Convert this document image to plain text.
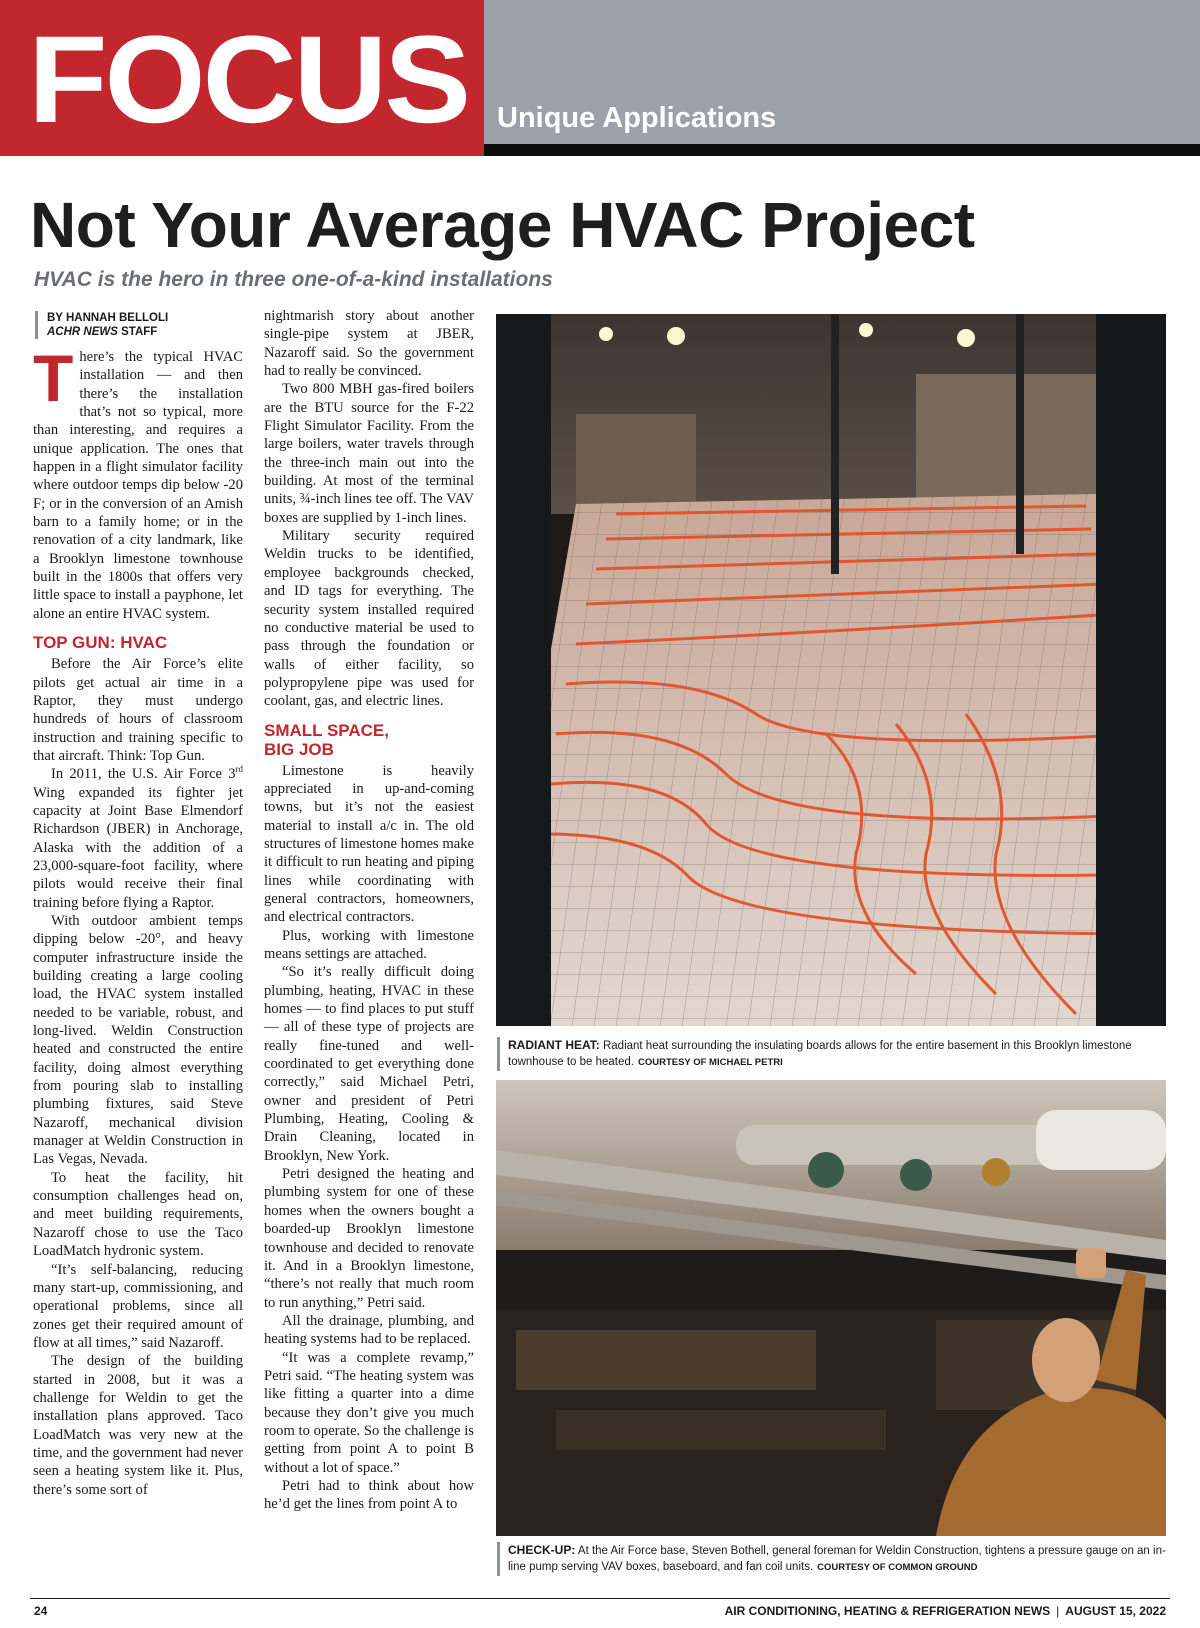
FOCUS Unique Applications
Not Your Average HVAC Project
HVAC is the hero in three one-of-a-kind installations
BY HANNAH BELLOLI
ACHR NEWS STAFF

There’s the typical HVAC installation — and then there’s the installation that’s not so typical, more than interesting, and requires a unique application. The ones that happen in a flight simulator facility where outdoor temps dip below -20 F; or in the conversion of an Amish barn to a family home; or in the renovation of a city landmark, like a Brooklyn limestone townhouse built in the 1800s that offers very little space to install a payphone, let alone an entire HVAC system.

TOP GUN: HVAC

Before the Air Force’s elite pilots get actual air time in a Raptor, they must undergo hundreds of hours of classroom instruction and training specific to that aircraft. Think: Top Gun.

In 2011, the U.S. Air Force 3rd Wing expanded its fighter jet capacity at Joint Base Elmendorf Richardson (JBER) in Anchorage, Alaska with the addition of a 23,000-square-foot facility, where pilots would receive their final training before flying a Raptor.

With outdoor ambient temps dipping below -20°, and heavy computer infrastructure inside the building creating a large cooling load, the HVAC system installed needed to be variable, robust, and long-lived. Weldin Construction heated and constructed the entire facility, doing almost everything from pouring slab to installing plumbing fixtures, said Steve Nazaroff, mechanical division manager at Weldin Construction in Las Vegas, Nevada.

To heat the facility, hit consumption challenges head on, and meet building requirements, Nazaroff chose to use the Taco LoadMatch hydronic system.

“It’s self-balancing, reducing many start-up, commissioning, and operational problems, since all zones get their required amount of flow at all times,” said Nazaroff.

The design of the building started in 2008, but it was a challenge for Weldin to get the installation plans approved. Taco LoadMatch was very new at the time, and the government had never seen a heating system like it. Plus, there’s some sort of

nightmarish story about another single-pipe system at JBER, Nazaroff said. So the government had to really be convinced.

Two 800 MBH gas-fired boilers are the BTU source for the F-22 Flight Simulator Facility. From the large boilers, water travels through the three-inch main out into the building. At most of the terminal units, ¾-inch lines tee off. The VAV boxes are supplied by 1-inch lines.

Military security required Weldin trucks to be identified, employee backgrounds checked, and ID tags for everything. The security system installed required no conductive material be used to pass through the foundation or walls of either facility, so polypropylene pipe was used for coolant, gas, and electric lines.

SMALL SPACE,
BIG JOB

Limestone is heavily appreciated in up-and-coming towns, but it’s not the easiest material to install a/c in. The old structures of limestone homes make it difficult to run heating and piping lines while coordinating with general contractors, homeowners, and electrical contractors.

Plus, working with limestone means settings are attached.

“So it’s really difficult doing plumbing, heating, HVAC in these homes — to find places to put stuff — all of these type of projects are really fine-tuned and well-coordinated to get everything done correctly,” said Michael Petri, owner and president of Petri Plumbing, Heating, Cooling & Drain Cleaning, located in Brooklyn, New York.

Petri designed the heating and plumbing system for one of these homes when the owners bought a boarded-up Brooklyn limestone townhouse and decided to renovate it. And in a Brooklyn limestone, “there’s not really that much room to run anything,” Petri said.

All the drainage, plumbing, and heating systems had to be replaced.

“It was a complete revamp,” Petri said. “The heating system was like fitting a quarter into a dime because they don’t give you much room to operate. So the challenge is getting from point A to point B without a lot of space.”

Petri had to think about how he’d get the lines from point A to

RADIANT HEAT: Radiant heat surrounding the insulating boards allows for the entire basement in this Brooklyn limestone townhouse to be heated. COURTESY OF MICHAEL PETRI
CHECK-UP: At the Air Force base, Steven Bothell, general foreman for Weldin Construction, tightens a pressure gauge on an in-line pump serving VAV boxes, baseboard, and fan coil units. COURTESY OF COMMON GROUND
24	AIR CONDITIONING, HEATING & REFRIGERATION NEWS | AUGUST 15, 2022
